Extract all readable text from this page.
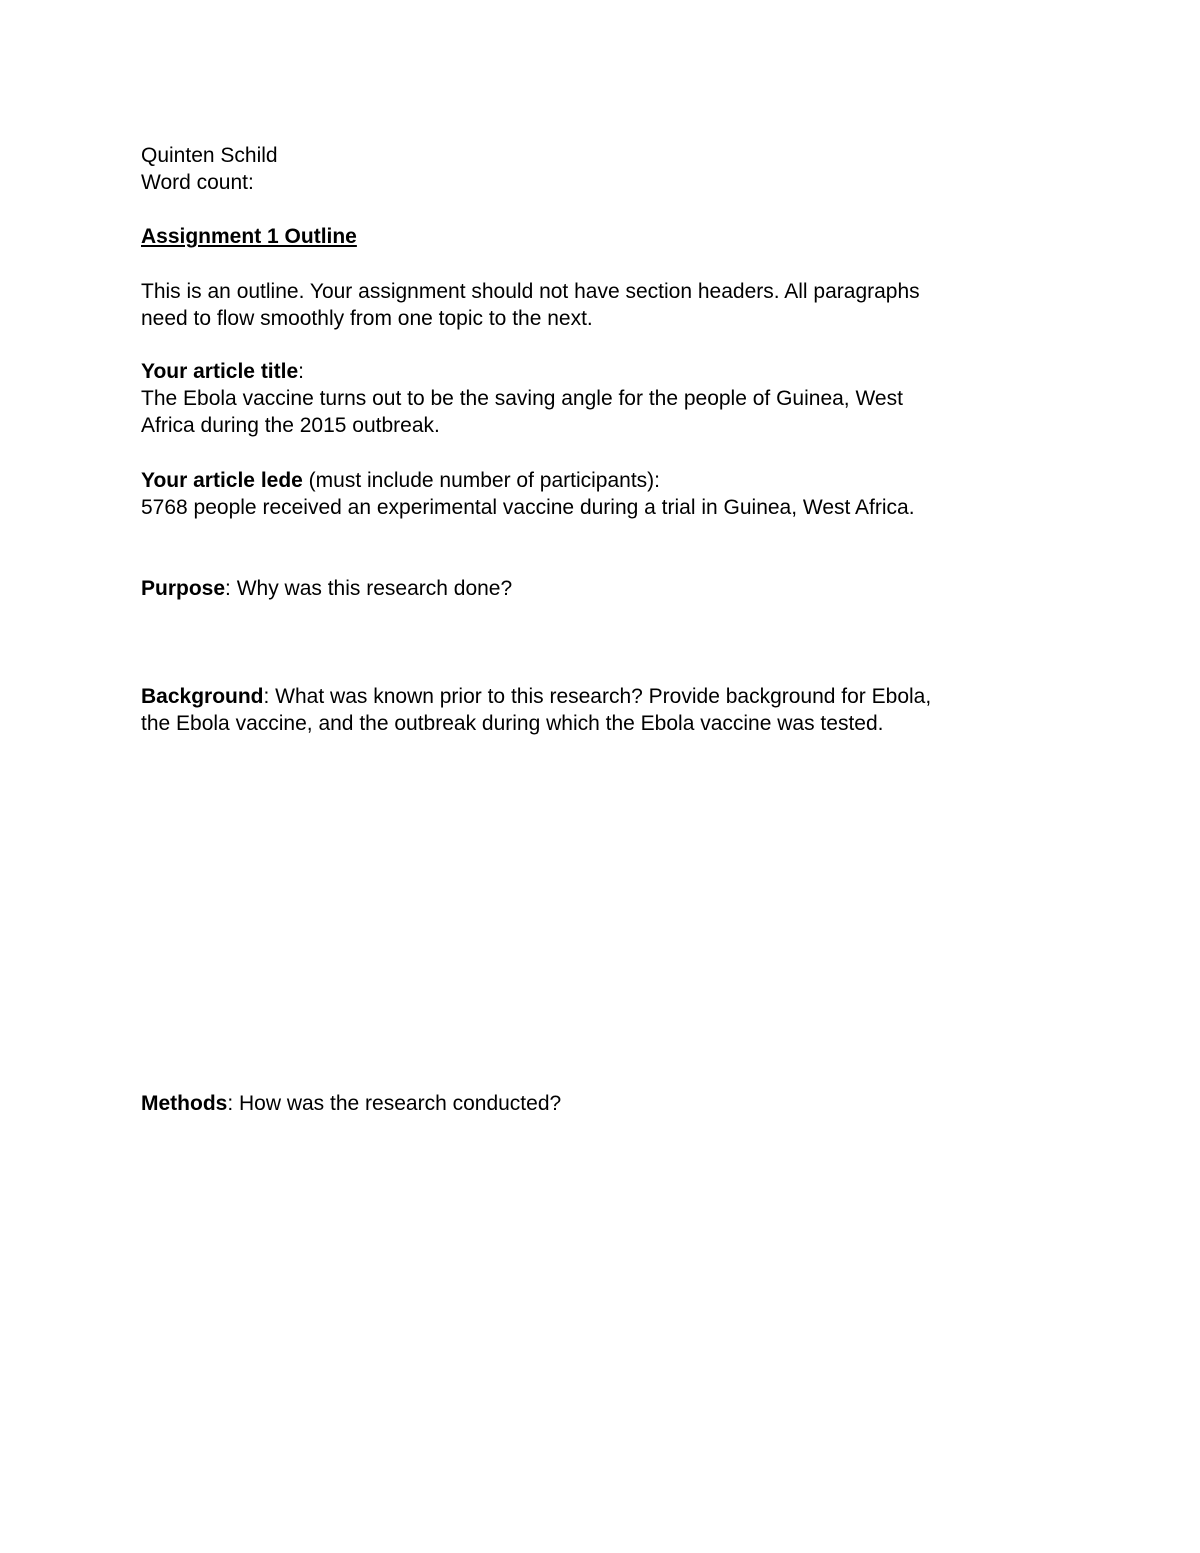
Quinten Schild
Word count:
Assignment 1 Outline
This is an outline. Your assignment should not have section headers. All paragraphs
need to flow smoothly from one topic to the next.
Your article title:
The Ebola vaccine turns out to be the saving angle for the people of Guinea, West
Africa during the 2015 outbreak.
Your article lede (must include number of participants):
5768 people received an experimental vaccine during a trial in Guinea, West Africa.
Purpose: Why was this research done?
Background: What was known prior to this research? Provide background for Ebola,
the Ebola vaccine, and the outbreak during which the Ebola vaccine was tested.
Methods: How was the research conducted?
